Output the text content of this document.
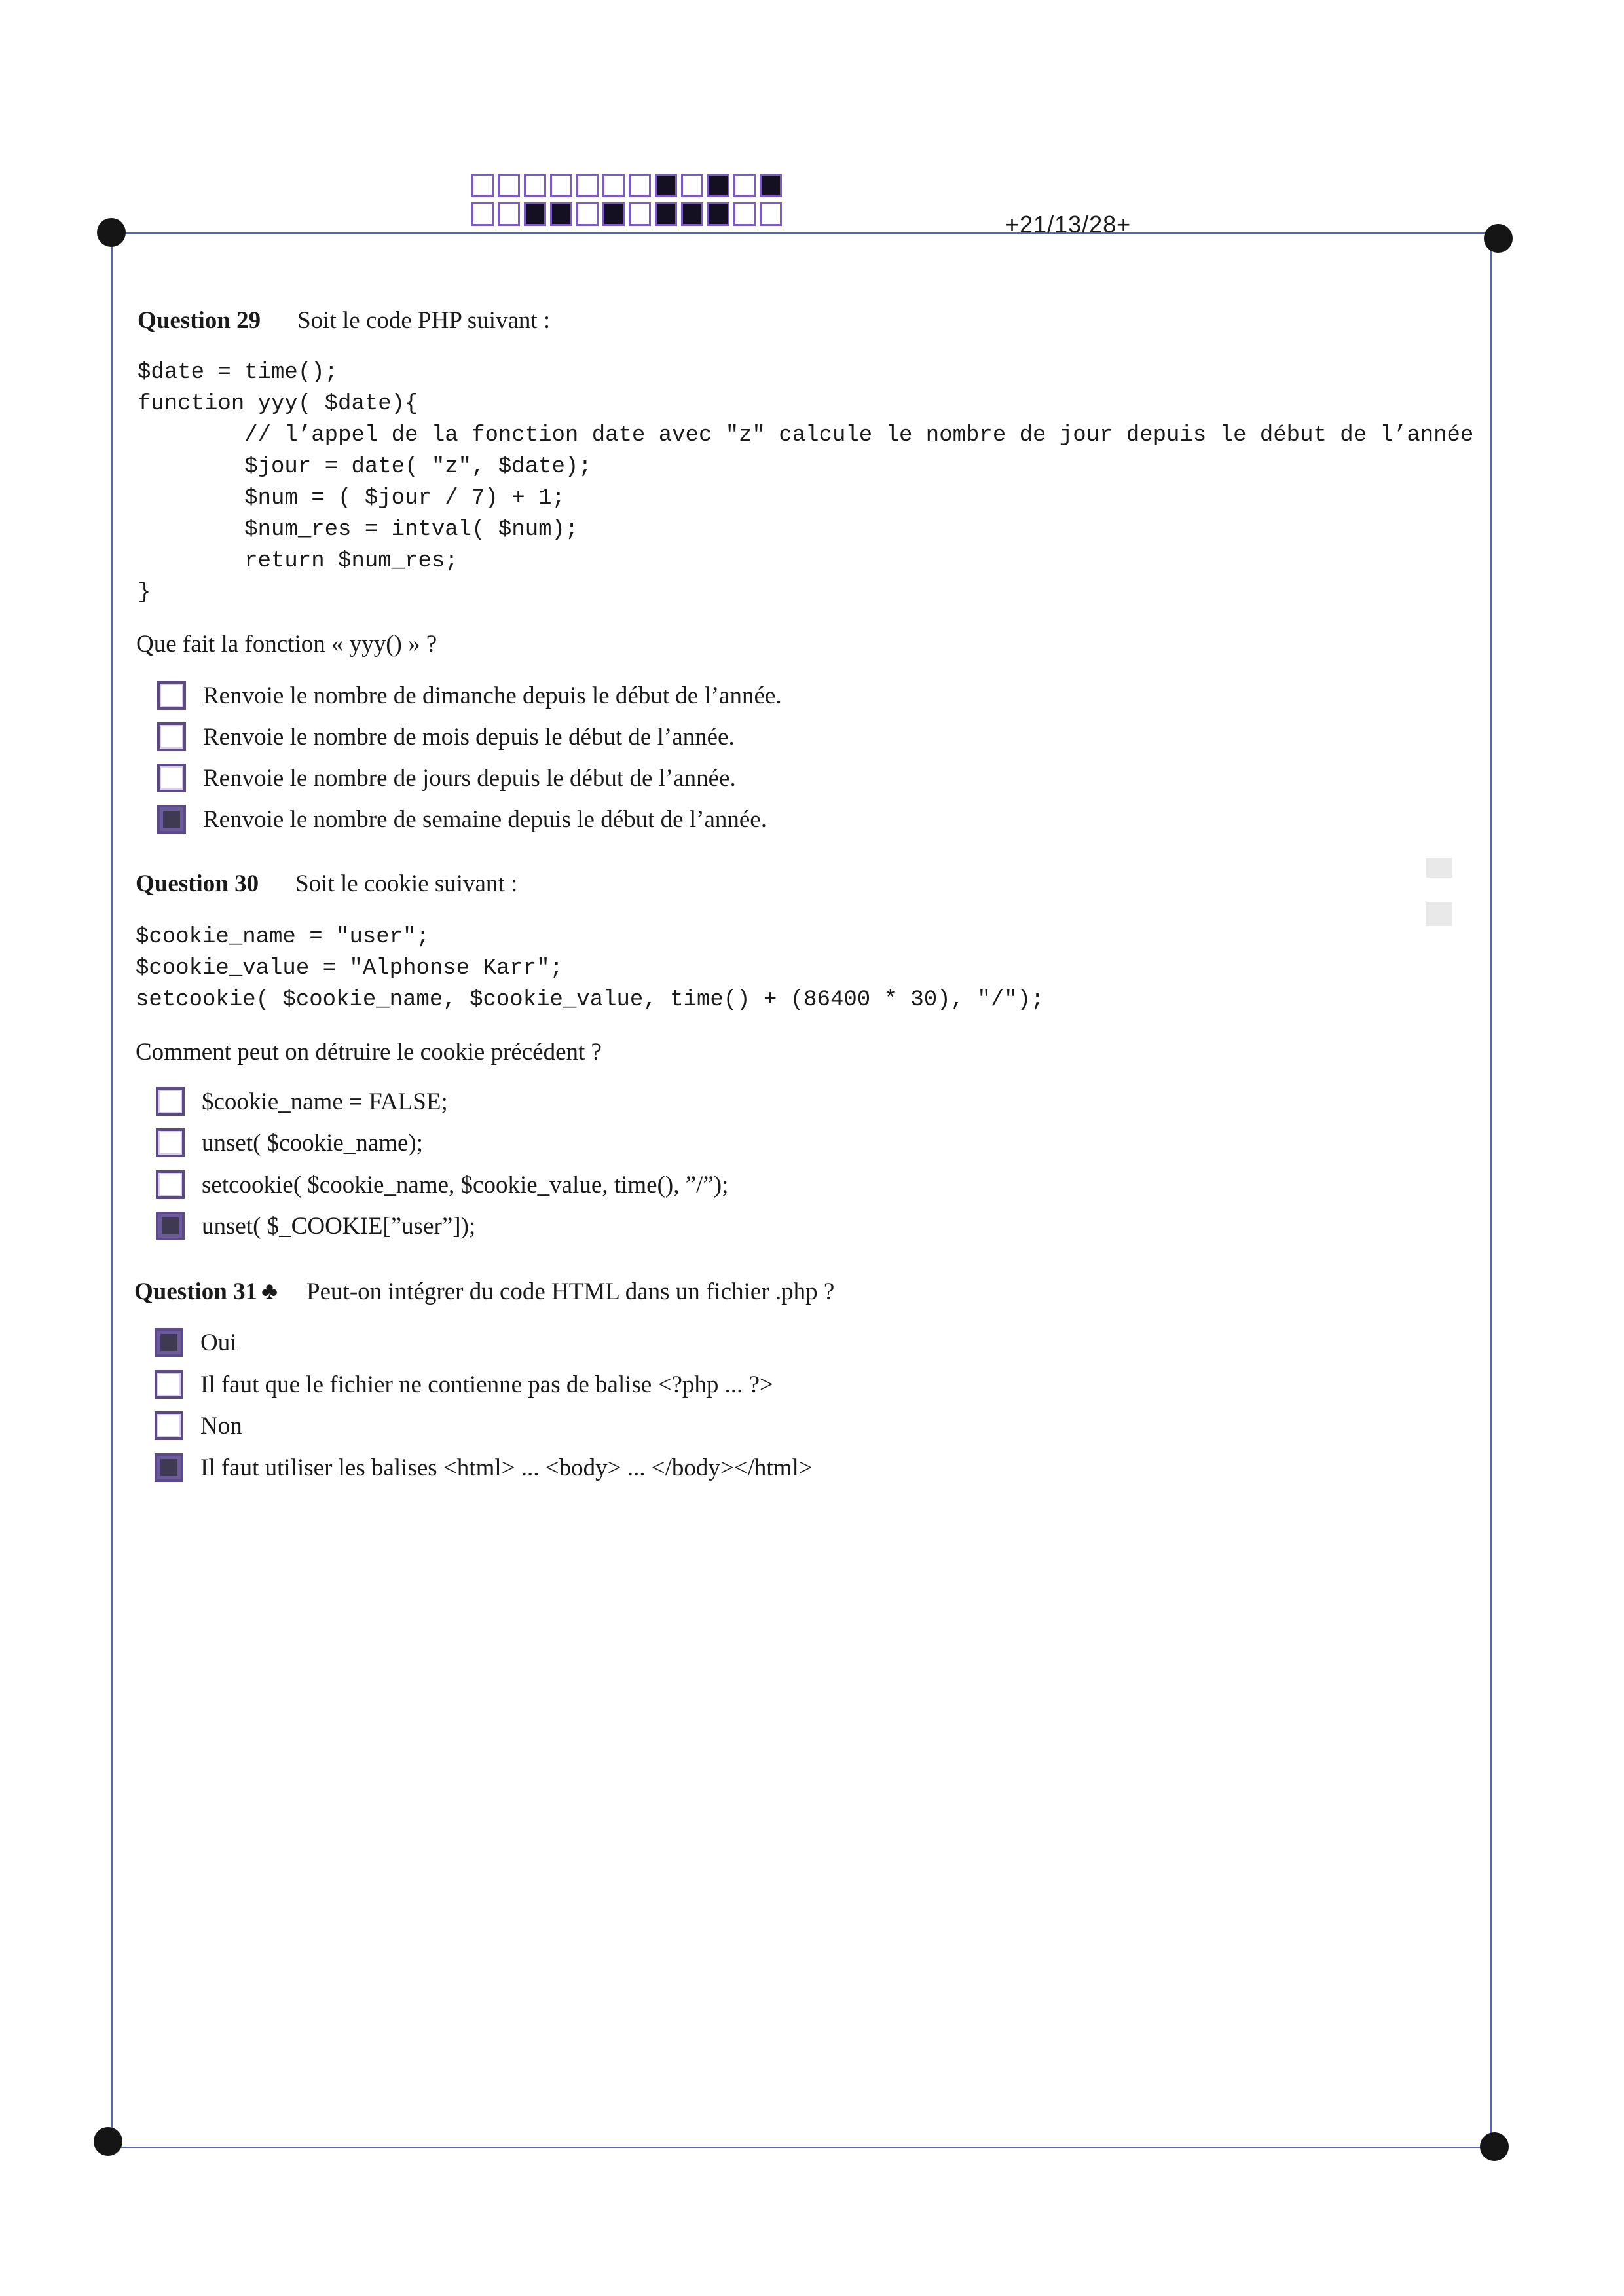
+21/13/28+
Question 29 Soit le code PHP suivant :
$date = time();
function yyy( $date){
// l’appel de la fonction date avec "z" calcule le nombre de jour depuis le début de l’année
$jour = date( "z", $date);
$num = ( $jour / 7) + 1;
$num_res = intval( $num);
return $num_res;
}
Que fait la fonction « yyy() » ?
Renvoie le nombre de dimanche depuis le début de l’année.
Renvoie le nombre de mois depuis le début de l’année.
Renvoie le nombre de jours depuis le début de l’année.
Renvoie le nombre de semaine depuis le début de l’année.
Question 30 Soit le cookie suivant :
$cookie_name = "user";
$cookie_value = "Alphonse Karr";
setcookie( $cookie_name, $cookie_value, time() + (86400 * 30), "/");
Comment peut on détruire le cookie précédent ?
$cookie_name = FALSE;
unset( $cookie_name);
setcookie( $cookie_name, $cookie_value, time(), ”/”);
unset( $_COOKIE[”user”]);
Question 31 ♣ Peut-on intégrer du code HTML dans un fichier .php ?
Oui
Il faut que le fichier ne contienne pas de balise <?php ... ?>
Non
Il faut utiliser les balises <html> ... <body> ... </body></html>
